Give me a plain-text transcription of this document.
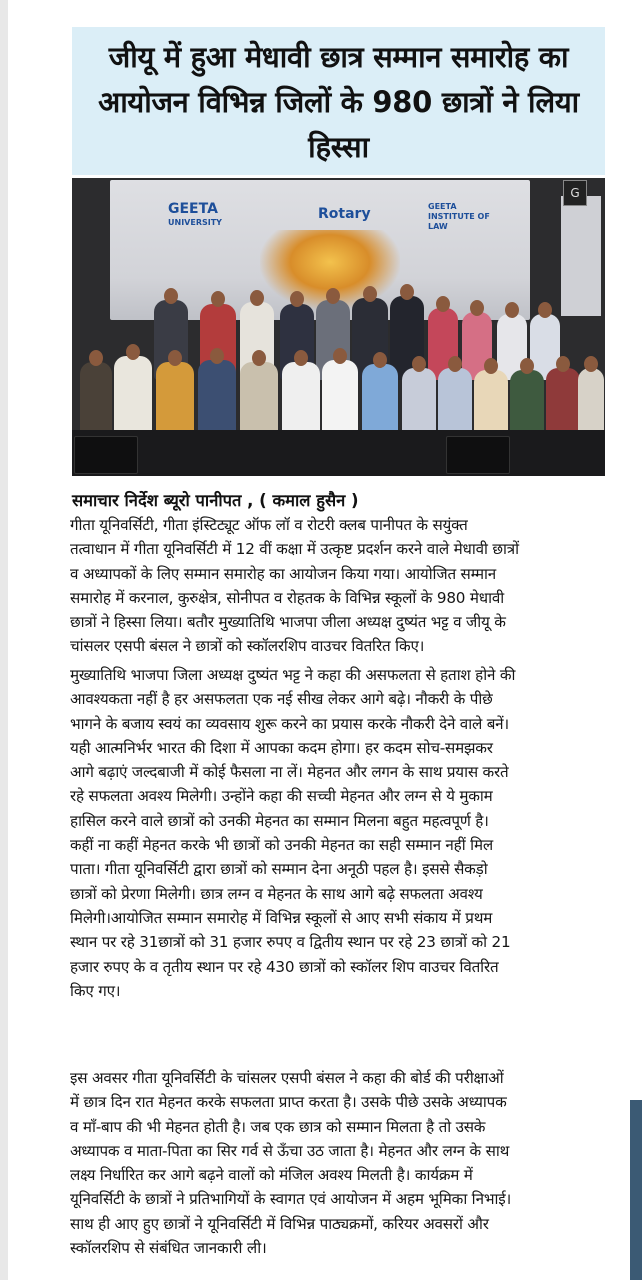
जीयू में हुआ मेधावी छात्र सम्मान समारोह का
आयोजन विभिन्न जिलों के 980 छात्रों ने लिया
हिस्सा
GEETA
UNIVERSITY
Rotary	GEETA INSTITUTE OF LAW
G
समाचार निर्देश ब्यूरो पानीपत , ( कमाल हुसैन )
गीता यूनिवर्सिटी, गीता इंस्टिट्यूट ऑफ लॉ व रोटरी क्लब पानीपत के सयुंक्त
तत्वाधान में गीता यूनिवर्सिटी में 12 वीं कक्षा में उत्कृष्ट प्रदर्शन करने वाले मेधावी छात्रों
व अध्यापकों के लिए सम्मान समारोह का आयोजन किया गया। आयोजित सम्मान
समारोह में करनाल, कुरुक्षेत्र, सोनीपत व रोहतक के विभिन्न स्कूलों के 980 मेधावी
छात्रों ने हिस्सा लिया। बतौर मुख्यातिथि भाजपा जीला अध्यक्ष दुष्यंत भट्ट व जीयू के
चांसलर एसपी बंसल ने छात्रों को स्कॉलरशिप वाउचर वितरित किए।
मुख्यातिथि भाजपा जिला अध्यक्ष दुष्यंत भट्ट ने कहा की असफलता से हताश होने की
आवश्यकता नहीं है हर असफलता एक नई सीख लेकर आगे बढ़े। नौकरी के पीछे
भागने के बजाय स्वयं का व्यवसाय शुरू करने का प्रयास करके नौकरी देने वाले बनें।
यही आत्मनिर्भर भारत की दिशा में आपका कदम होगा। हर कदम सोच-समझकर
आगे बढ़ाएं जल्दबाजी में कोई फैसला ना लें। मेहनत और लगन के साथ प्रयास करते
रहे सफलता अवश्य मिलेगी। उन्होंने कहा की सच्ची मेहनत और लग्न से ये मुकाम
हासिल करने वाले छात्रों को उनकी मेहनत का सम्मान मिलना बहुत महत्वपूर्ण है।
कहीं ना कहीं मेहनत करके भी छात्रों को उनकी मेहनत का सही सम्मान नहीं मिल
पाता। गीता यूनिवर्सिटी द्वारा छात्रों को सम्मान देना अनूठी पहल है। इससे सैकड़ो
छात्रों को प्रेरणा मिलेगी। छात्र लग्न व मेहनत के साथ आगे बढ़े सफलता अवश्य
मिलेगी।आयोजित सम्मान समारोह में विभिन्न स्कूलों से आए सभी संकाय में प्रथम
स्थान पर रहे 31छात्रों को 31 हजार रुपए व द्वितीय स्थान पर रहे 23 छात्रों को 21
हजार रुपए के व तृतीय स्थान पर रहे 430 छात्रों को स्कॉलर शिप वाउचर वितरित
किए गए।
इस अवसर गीता यूनिवर्सिटी के चांसलर एसपी बंसल ने कहा की बोर्ड की परीक्षाओं
में छात्र दिन रात मेहनत करके सफलता प्राप्त करता है। उसके पीछे उसके अध्यापक
व माँ-बाप की भी मेहनत होती है। जब एक छात्र को सम्मान मिलता है तो उसके
अध्यापक व माता-पिता का सिर गर्व से ऊँचा उठ जाता है। मेहनत और लग्न के साथ
लक्ष्य निर्धारित कर आगे बढ़ने वालों को मंजिल अवश्य मिलती है। कार्यक्रम में
यूनिवर्सिटी के छात्रों ने प्रतिभागियों के स्वागत एवं आयोजन में अहम भूमिका निभाई।
साथ ही आए हुए छात्रों ने यूनिवर्सिटी में विभिन्न पाठ्यक्रमों, करियर अवसरों और
स्कॉलरशिप से संबंधित जानकारी ली।
